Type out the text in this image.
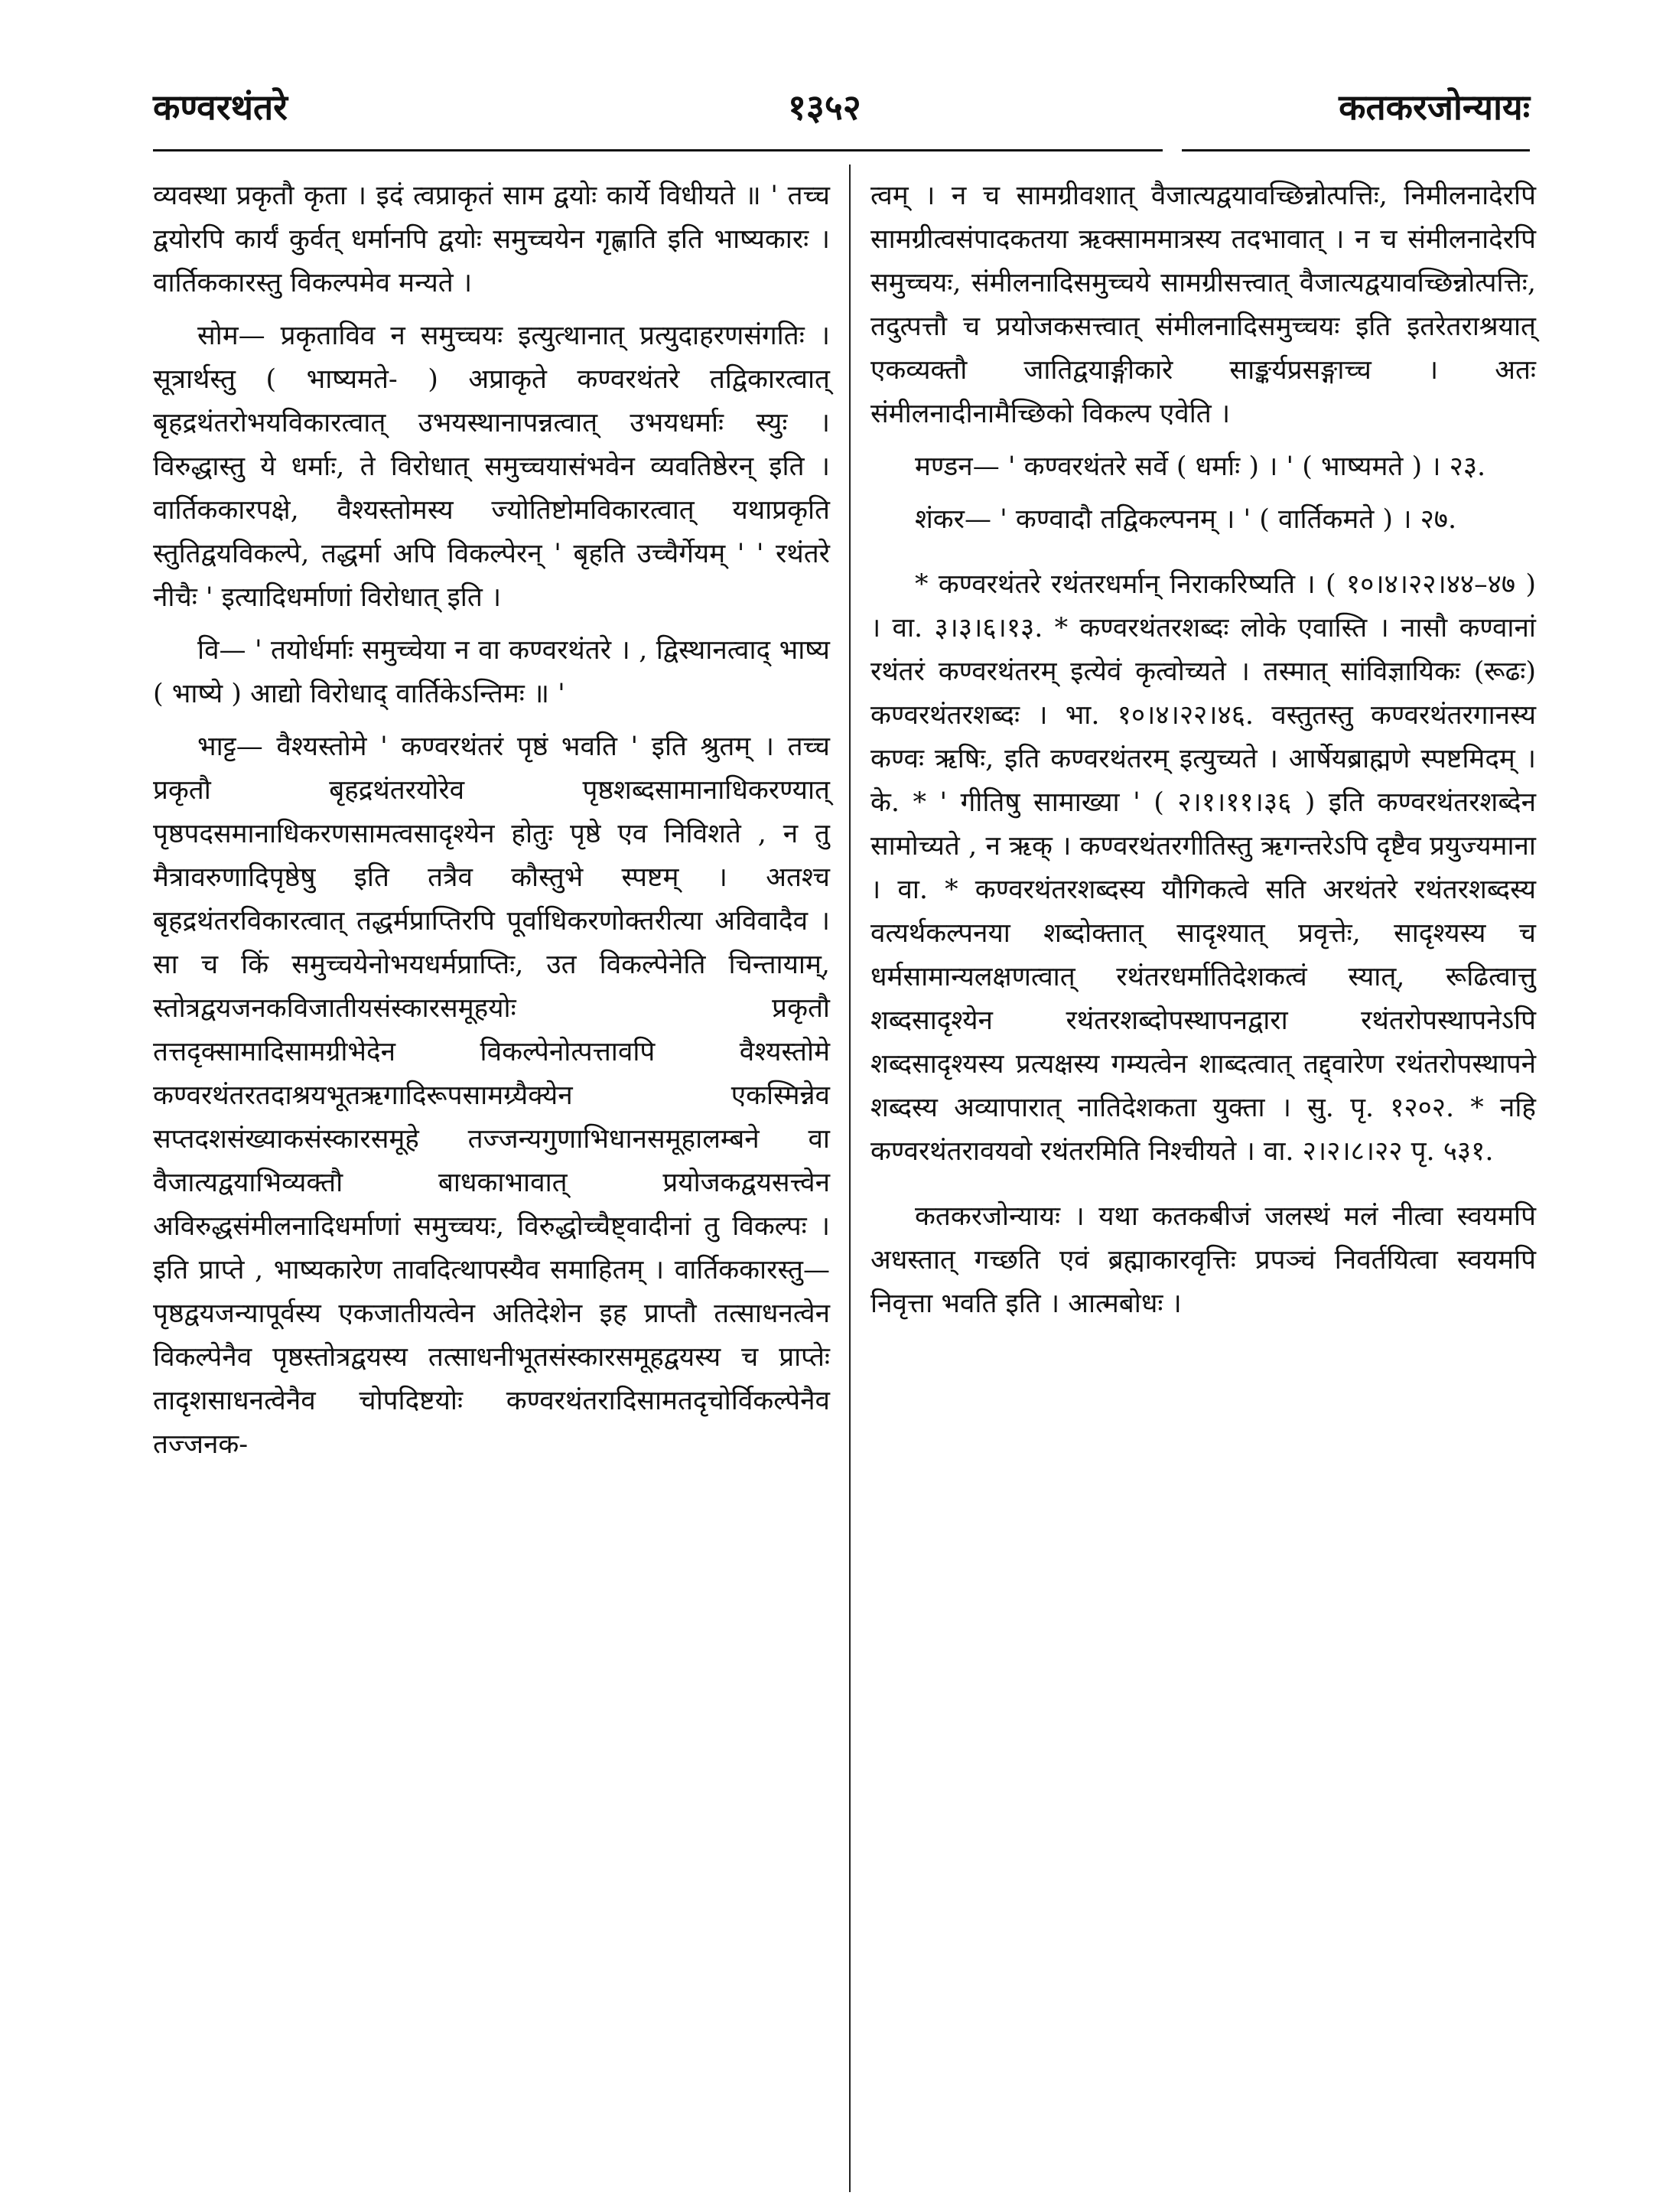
कण्वरथंतरे	१३५२	कतकरजोन्यायः

व्यवस्था प्रकृतौ कृता । इदं त्वप्राकृतं साम द्वयोः कार्ये विधीयते ॥ ' तच्च द्वयोरपि कार्यं कुर्वत् धर्मानपि द्वयोः समुच्चयेन गृह्णाति इति भाष्यकारः । वार्तिककारस्तु विकल्पमेव मन्यते ।

सोम— प्रकृताविव न समुच्चयः इत्युत्थानात् प्रत्युदाहरणसंगतिः । सूत्रार्थस्तु ( भाष्यमते- ) अप्राकृते कण्वरथंतरे तद्विकारत्वात् बृहद्रथंतरोभयविकारत्वात् उभयस्थानापन्नत्वात् उभयधर्माः स्युः । विरुद्धास्तु ये धर्माः, ते विरोधात् समुच्चयासंभवेन व्यवतिष्ठेरन् इति । वार्तिककारपक्षे, वैश्यस्तोमस्य ज्योतिष्टोमविकारत्वात् यथाप्रकृति स्तुतिद्वयविकल्पे, तद्धर्मा अपि विकल्पेरन् ' बृहति उच्चैर्गेयम् ' ' रथंतरे नीचैः ' इत्यादिधर्माणां विरोधात् इति ।

वि— ' तयोर्धर्माः समुच्चेया न वा कण्वरथंतरे । , द्विस्थानत्वाद् भाष्य ( भाष्ये ) आद्यो विरोधाद् वार्तिकेऽन्तिमः ॥ '

भाट्ट— वैश्यस्तोमे ' कण्वरथंतरं पृष्ठं भवति ' इति श्रुतम् । तच्च प्रकृतौ बृहद्रथंतरयोरेव पृष्ठशब्दसामानाधिकरण्यात् पृष्ठपदसमानाधिकरणसामत्वसादृश्येन होतुः पृष्ठे एव निविशते , न तु मैत्रावरुणादिपृष्ठेषु इति तत्रैव कौस्तुभे स्पष्टम् । अतश्च बृहद्रथंतरविकारत्वात् तद्धर्मप्राप्तिरपि पूर्वाधिकरणोक्तरीत्या अविवादैव । सा च किं समुच्चयेनोभयधर्मप्राप्तिः, उत विकल्पेनेति चिन्तायाम्, स्तोत्रद्वयजनकविजातीयसंस्कारसमूहयोः प्रकृतौ तत्तदृक्सामादिसामग्रीभेदेन विकल्पेनोत्पत्तावपि वैश्यस्तोमे कण्वरथंतरतदाश्रयभूतऋगादिरूपसामग्र्यैक्येन एकस्मिन्नेव सप्तदशसंख्याकसंस्कारसमूहे तज्जन्यगुणाभिधानसमूहालम्बने वा वैजात्यद्वयाभिव्यक्तौ बाधकाभावात् प्रयोजकद्वयसत्त्वेन अविरुद्धसंमीलनादिधर्माणां समुच्चयः, विरुद्धोच्चैष्ट्वादीनां तु विकल्पः । इति प्राप्ते , भाष्यकारेण तावदित्थापस्यैव समाहितम् । वार्तिककारस्तु— पृष्ठद्वयजन्यापूर्वस्य एकजातीयत्वेन अतिदेशेन इह प्राप्तौ तत्साधनत्वेन विकल्पेनैव पृष्ठस्तोत्रद्वयस्य तत्साधनीभूतसंस्कारसमूहद्वयस्य च प्राप्तेः तादृशसाधनत्वेनैव चोपदिष्टयोः कण्वरथंतरादिसामतदृचोर्विकल्पेनैव तज्जनक-

त्वम् । न च सामग्रीवशात् वैजात्यद्वयावच्छिन्नोत्पत्तिः, निमीलनादेरपि सामग्रीत्वसंपादकतया ऋक्साममात्रस्य तदभावात् । न च संमीलनादेरपि समुच्चयः, संमीलनादिसमुच्चये सामग्रीसत्त्वात् वैजात्यद्वयावच्छिन्नोत्पत्तिः, तदुत्पत्तौ च प्रयोजकसत्त्वात् संमीलनादिसमुच्चयः इति इतरेतराश्रयात् एकव्यक्तौ जातिद्वयाङ्गीकारे साङ्कर्यप्रसङ्गाच्च । अतः संमीलनादीनामैच्छिको विकल्प एवेति ।

मण्डन— ' कण्वरथंतरे सर्वे ( धर्माः ) । ' ( भाष्यमते ) । २३.

शंकर— ' कण्वादौ तद्विकल्पनम् । ' ( वार्तिकमते ) । २७.

* कण्वरथंतरे रथंतरधर्मान् निराकरिष्यति । ( १०।४।२२।४४–४७ ) । वा. ३।३।६।१३. * कण्वरथंतरशब्दः लोके एवास्ति । नासौ कण्वानां रथंतरं कण्वरथंतरम् इत्येवं कृत्वोच्यते । तस्मात् सांविज्ञायिकः (रूढः) कण्वरथंतरशब्दः । भा. १०।४।२२।४६. वस्तुतस्तु कण्वरथंतरगानस्य कण्वः ऋषिः, इति कण्वरथंतरम् इत्युच्यते । आर्षेयब्राह्मणे स्पष्टमिदम् । के. * ' गीतिषु सामाख्या ' ( २।१।११।३६ ) इति कण्वरथंतरशब्देन सामोच्यते , न ऋक् । कण्वरथंतरगीतिस्तु ऋगन्तरेऽपि दृष्टैव प्रयुज्यमाना । वा. * कण्वरथंतरशब्दस्य यौगिकत्वे सति अरथंतरे रथंतरशब्दस्य वत्यर्थकल्पनया शब्दोक्तात् सादृश्यात् प्रवृत्तेः, सादृश्यस्य च धर्मसामान्यलक्षणत्वात् रथंतरधर्मातिदेशकत्वं स्यात्, रूढित्वात्तु शब्दसादृश्येन रथंतरशब्दोपस्थापनद्वारा रथंतरोपस्थापनेऽपि शब्दसादृश्यस्य प्रत्यक्षस्य गम्यत्वेन शाब्दत्वात् तद्द्वारेण रथंतरोपस्थापने शब्दस्य अव्यापारात् नातिदेशकता युक्ता । सु. पृ. १२०२. * नहि कण्वरथंतरावयवो रथंतरमिति निश्चीयते । वा. २।२।८।२२ पृ. ५३१.

कतकरजोन्यायः । यथा कतकबीजं जलस्थं मलं नीत्वा स्वयमपि अधस्तात् गच्छति एवं ब्रह्माकारवृत्तिः प्रपञ्चं निवर्तयित्वा स्वयमपि निवृत्ता भवति इति । आत्मबोधः ।
